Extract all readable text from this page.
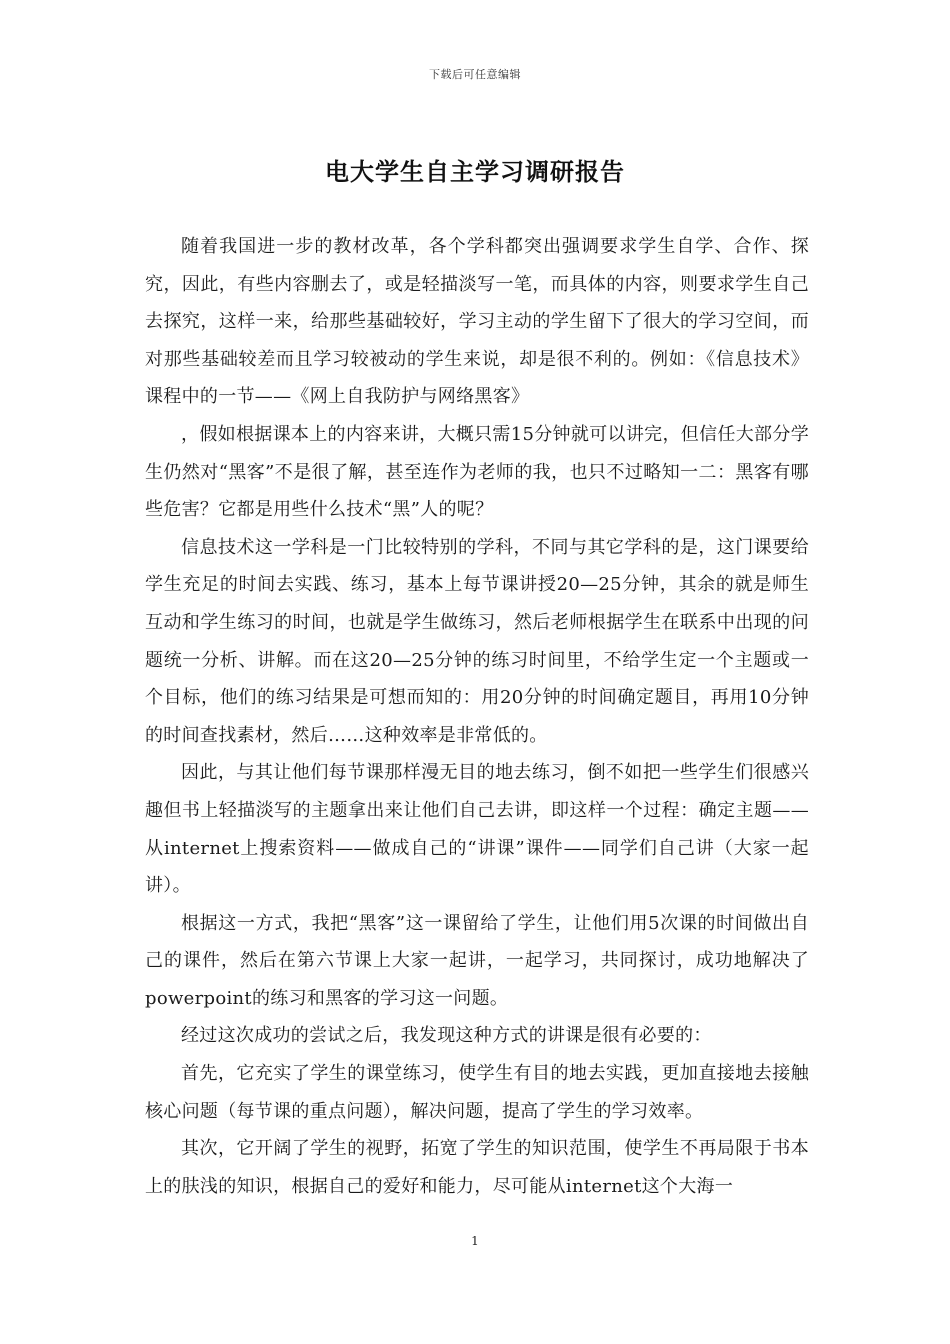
下载后可任意编辑
电大学生自主学习调研报告

随着我国进一步的教材改革，各个学科都突出强调要求学生自学、合作、探究，因此，有些内容删去了，或是轻描淡写一笔，而具体的内容，则要求学生自己去探究，这样一来，给那些基础较好，学习主动的学生留下了很大的学习空间，而对那些基础较差而且学习较被动的学生来说，却是很不利的。例如：《信息技术》课程中的一节——《网上自我防护与网络黑客》

，假如根据课本上的内容来讲，大概只需15分钟就可以讲完，但信任大部分学生仍然对“黑客”不是很了解，甚至连作为老师的我，也只不过略知一二：黑客有哪些危害？它都是用些什么技术“黑”人的呢？

信息技术这一学科是一门比较特别的学科，不同与其它学科的是，这门课要给学生充足的时间去实践、练习，基本上每节课讲授20—25分钟，其余的就是师生互动和学生练习的时间，也就是学生做练习，然后老师根据学生在联系中出现的问题统一分析、讲解。而在这20—25分钟的练习时间里，不给学生定一个主题或一个目标，他们的练习结果是可想而知的：用20分钟的时间确定题目，再用10分钟的时间查找素材，然后……这种效率是非常低的。

因此，与其让他们每节课那样漫无目的地去练习，倒不如把一些学生们很感兴趣但书上轻描淡写的主题拿出来让他们自己去讲，即这样一个过程：确定主题——从internet上搜索资料——做成自己的“讲课”课件——同学们自己讲（大家一起讲）。

根据这一方式，我把“黑客”这一课留给了学生，让他们用5次课的时间做出自己的课件，然后在第六节课上大家一起讲，一起学习，共同探讨，成功地解决了powerpoint的练习和黑客的学习这一问题。

经过这次成功的尝试之后，我发现这种方式的讲课是很有必要的：

首先，它充实了学生的课堂练习，使学生有目的地去实践，更加直接地去接触核心问题（每节课的重点问题），解决问题，提高了学生的学习效率。

其次，它开阔了学生的视野，拓宽了学生的知识范围，使学生不再局限于书本上的肤浅的知识，根据自己的爱好和能力，尽可能从internet这个大海一

1
